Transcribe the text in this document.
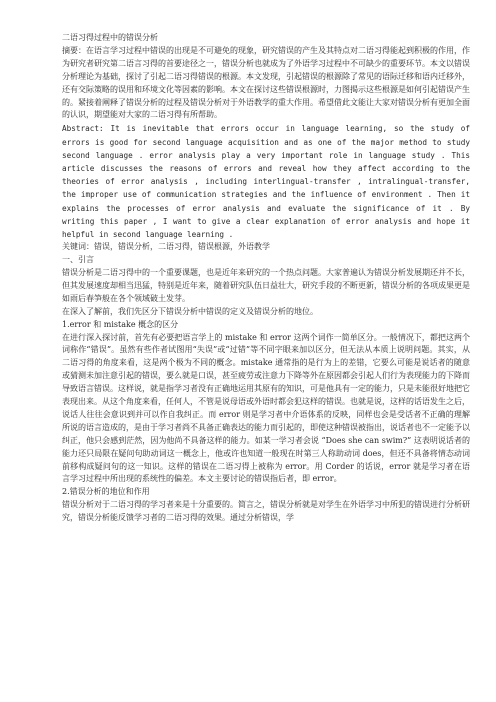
二语习得过程中的错误分析

摘要：在语言学习过程中错误的出现是不可避免的现象，研究错误的产生及其特点对二语习得能起到积极的作用，作为研究者研究第二语言习得的首要途径之一，错误分析也就成为了外语学习过程中不可缺少的重要环节。本文以错误分析理论为基础，探讨了引起二语习得错误的根源。本文发现，引起错误的根源除了常见的语际迁移和语内迁移外，还有交际策略的误用和环境文化等因素的影响。本文在探讨这些错误根源时，力图揭示这些根源是如何引起错误产生的。紧接着阐释了错误分析的过程及错误分析对于外语教学的重大作用。希望借此文能让大家对错误分析有更加全面的认识，期望能对大家的二语习得有所帮助。

Abstract: It is inevitable that errors occur in language learning, so the study of errors is good for second language acquisition and as one of the major method to study second language . error analysis play a very important role in language study . This article discusses the reasons of errors and reveal how they affect according to the theories of error analysis , including interlingual-transfer , intralingual-transfer, the improper use of communication strategies and the influence of environment . Then it explains the processes of error analysis and evaluate the significance of it . By writing this paper , I want to give a clear explanation of error analysis and hope it helpful in second language learning .

关键词：错误，错误分析，二语习得，错误根源，外语教学

一、引言

错误分析是二语习得中的一个重要课题，也是近年来研究的一个热点问题。大家普遍认为错误分析发展期还并不长，但其发展速度却相当迅猛，特别是近年来，随着研究队伍日益壮大，研究手段的不断更新，错误分析的各项成果更是如雨后春笋般在各个领域破土发芽。

在深入了解前，我们先区分下错误分析中错误的定义及错误分析的地位。

1.error 和 mistake 概念的区分

在进行深入探讨前，首先有必要把语言学上的 mistake 和 error 这两个词作一简单区分。一般情况下，都把这两个词称作“错误”。虽然有些作者试图用“失误”或“过错”等不同字眼来加以区分，但无法从本质上说明问题。其实，从二语习得的角度来看，这是两个极为不同的概念。mistake 通常指的是行为上的差错，它要么可能是说话者的随意或猜测未加注意引起的错误，要么就是口误，甚至疲劳或注意力下降等外在原因都会引起人们行为表现能力的下降而导致语言错误。这样说，就是指学习者没有正确地运用其原有的知识，可是他具有一定的能力，只是未能很好地把它表现出来。从这个角度来看，任何人，不管是说母语或外语时都会犯这样的错误。也就是说，这样的话语发生之后，说话人往往会意识到并可以作自我纠正。而 error 则是学习者中介语体系的反映，同样也会是受话者不正确的理解所说的语言造成的，是由于学习者尚不具备正确表达的能力而引起的，即使这种错误被指出，说话者也不一定能予以纠正，他只会感到茫然，因为他尚不具备这样的能力。如某一学习者会说 “Does she can swim?” 这表明说话者的能力还只局限在疑问句助动词这一概念上，他或许也知道一般现在时第三人称助动词 does，但还不具备将情态动词前移构成疑问句的这一知识。这样的错误在二语习得上被称为 error。用 Corder 的话说，error 就是学习者在语言学习过程中所出现的系统性的偏差。本文主要讨论的错误指后者，即 error。

2.错误分析的地位和作用

错误分析对于二语习得的学习者来是十分重要的。简言之，错误分析就是对学生在外语学习中所犯的错误进行分析研究，错误分析能反馈学习者的二语习得的效果。通过分析错误，学
